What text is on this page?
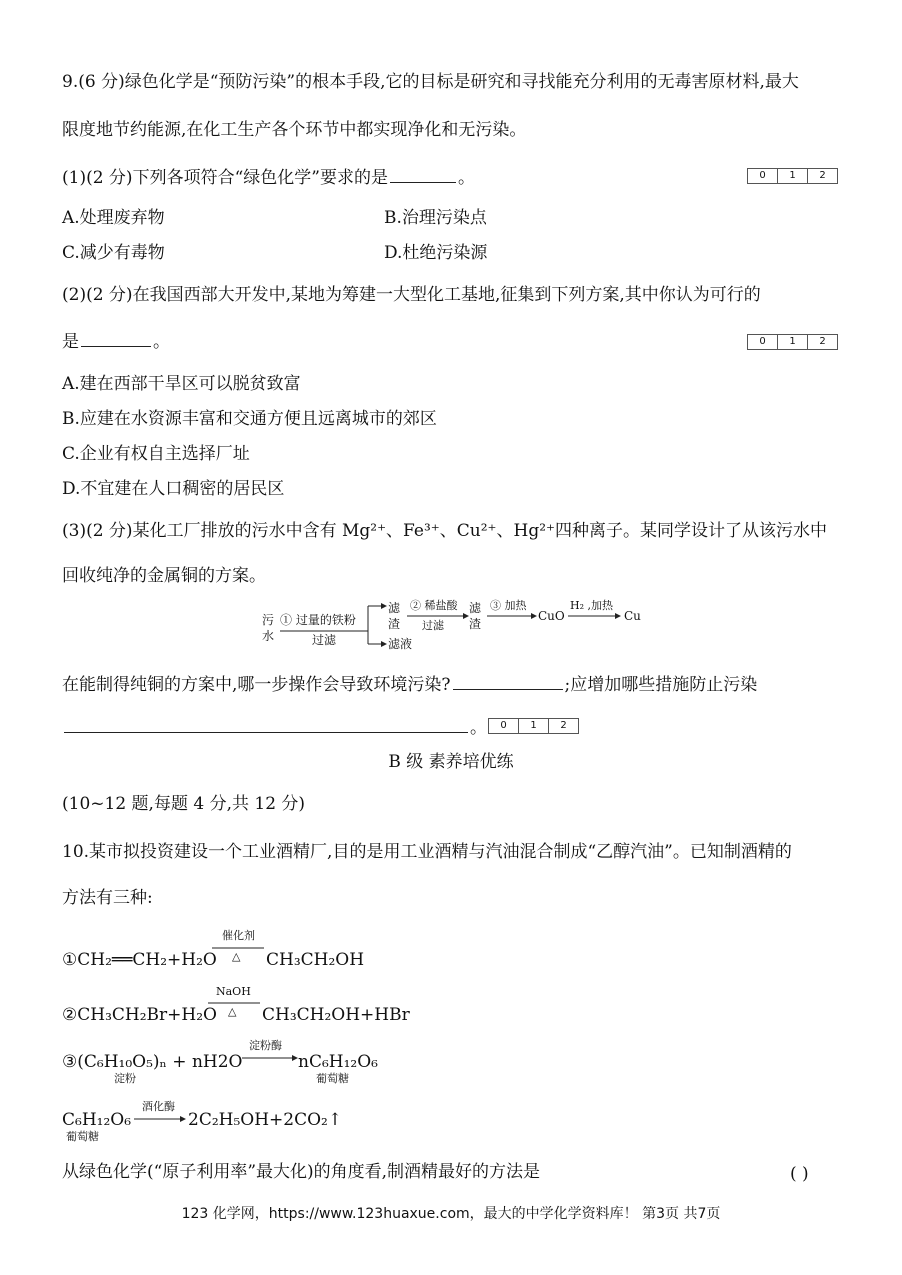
9.(6 分)绿色化学是“预防污染”的根本手段,它的目标是研究和寻找能充分利用的无毒害原材料,最大
限度地节约能源,在化工生产各个环节中都实现净化和无污染。
(1)(2 分)下列各项符合“绿色化学”要求的是	。	0	1	2
A.处理废弃物	B.治理污染点
C.减少有毒物	D.杜绝污染源
(2)(2 分)在我国西部大开发中,某地为筹建一大型化工基地,征集到下列方案,其中你认为可行的
是	。	0	1	2
A.建在西部干旱区可以脱贫致富
B.应建在水资源丰富和交通方便且远离城市的郊区
C.企业有权自主选择厂址
D.不宜建在人口稠密的居民区
(3)(2 分)某化工厂排放的污水中含有 Mg²⁺、Fe³⁺、Cu²⁺、Hg²⁺四种离子。某同学设计了从该污水中
回收纯净的金属铜的方案。
污
水
① 过量的铁粉
过滤
滤
渣
滤液
② 稀盐酸
过滤
滤
渣
③ 加热
CuO
H₂ ,加热
Cu
在能制得纯铜的方案中,哪一步操作会导致环境污染?	;应增加哪些措施防止污染
。	0	1	2
B 级 素养培优练
(10~12 题,每题 4 分,共 12 分)
10.某市拟投资建设一个工业酒精厂,目的是用工业酒精与汽油混合制成“乙醇汽油”。已知制酒精的
方法有三种:
①CH₂══CH₂+H₂O
催化剂
△ CH₃CH₂OH
②CH₃CH₂Br+H₂O
NaOH
△ CH₃CH₂OH+HBr
③(C₆H₁₀O₅)ₙ + nH2O
淀粉
淀粉酶
→ nC₆H₁₂O₆
葡萄糖
C₆H₁₂O₆
葡萄糖
酒化酶
→ 2C₂H₅OH+2CO₂↑
从绿色化学(“原子利用率”最大化)的角度看,制酒精最好的方法是	( )
123 化学网，https://www.123huaxue.com，最大的中学化学资料库！ 第3页 共7页
